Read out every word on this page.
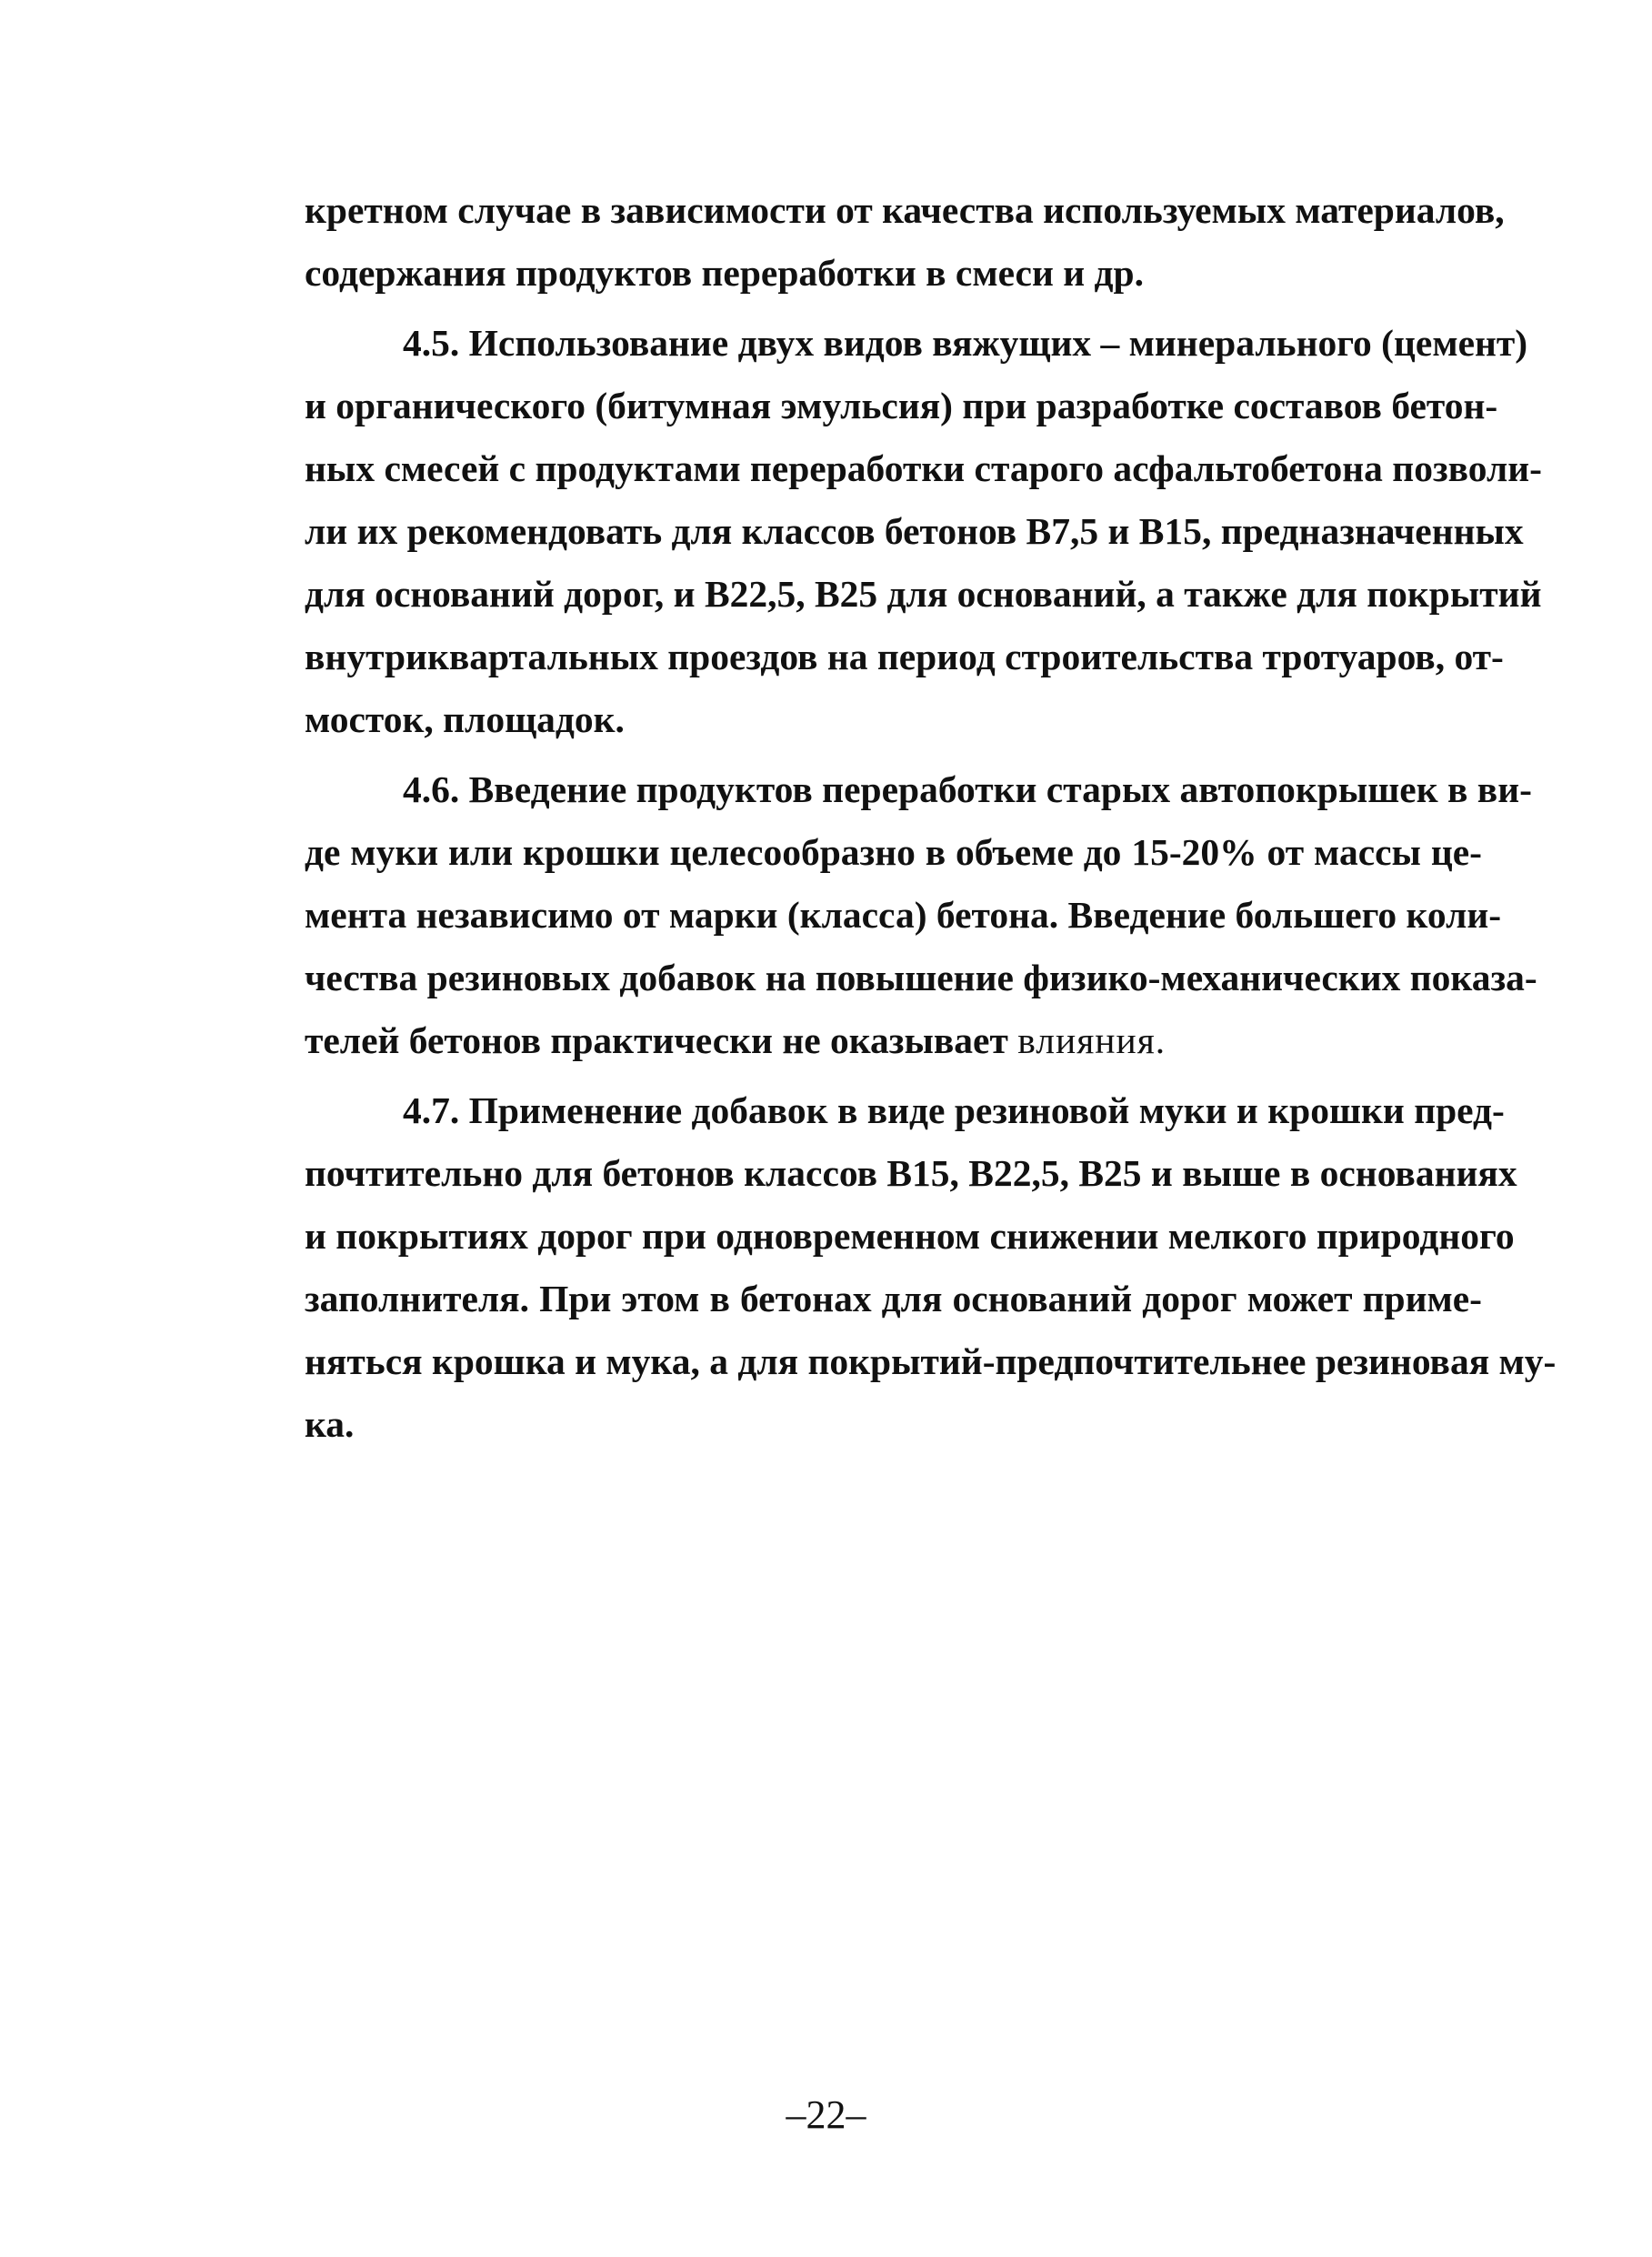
кретном случае в зависимости от качества используемых материалов,
содержания продуктов переработки в смеси и др.
4.5. Использование двух видов вяжущих – минерального (цемент)
и органического (битумная эмульсия) при разработке составов бетон-
ных смесей с продуктами переработки старого асфальтобетона позволи-
ли их рекомендовать для классов бетонов В7,5 и В15, предназначенных
для оснований дорог, и В22,5, В25 для оснований, а также для покрытий
внутриквартальных проездов на период строительства тротуаров, от-
мосток, площадок.
4.6. Введение продуктов переработки старых автопокрышек в ви-
де муки или крошки целесообразно в объеме до 15-20% от массы це-
мента независимо от марки (класса) бетона. Введение большего коли-
чества резиновых добавок на повышение физико-механических показа-
телей бетонов практически не оказывает влияния.
4.7. Применение добавок в виде резиновой муки и крошки пред-
почтительно для бетонов классов В15, В22,5, В25 и выше в основаниях
и покрытиях дорог при одновременном снижении мелкого природного
заполнителя. При этом в бетонах для оснований дорог может приме-
няться крошка и мука, а для покрытий-предпочтительнее резиновая му-
ка.
–22–
